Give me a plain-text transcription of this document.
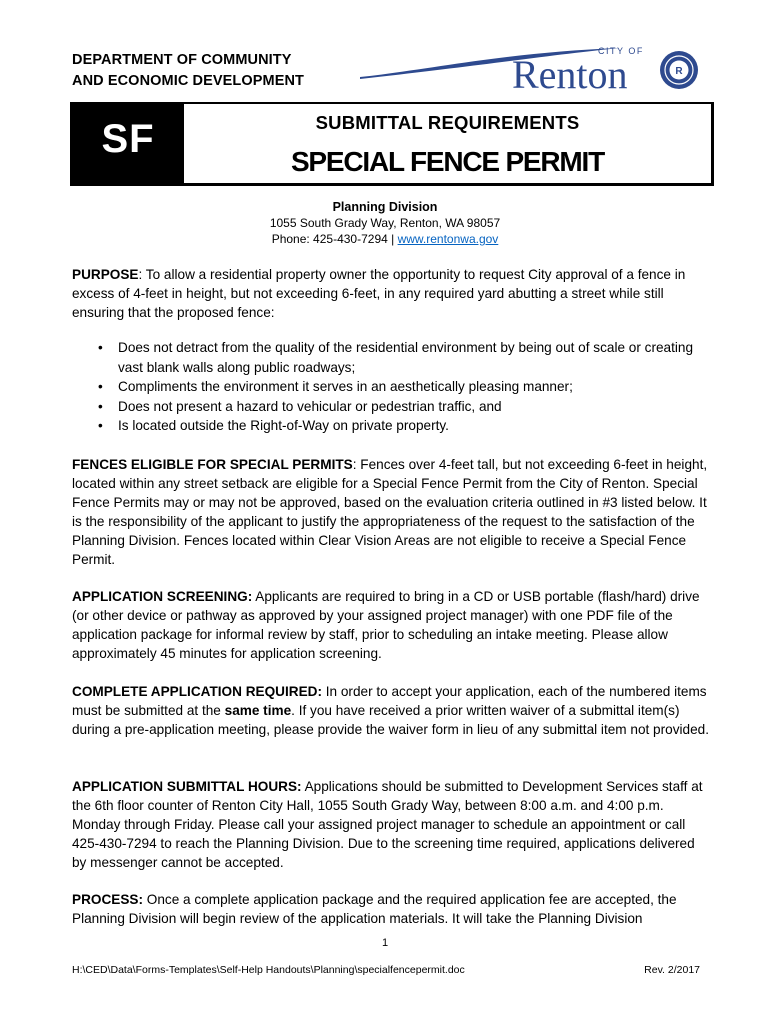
DEPARTMENT OF COMMUNITY
AND ECONOMIC DEVELOPMENT
CITY OF
Renton	R
SF	SUBMITTAL REQUIREMENTS
SPECIAL FENCE PERMIT
Planning Division
1055 South Grady Way, Renton, WA 98057
Phone: 425-430-7294 | www.rentonwa.gov

PURPOSE: To allow a residential property owner the opportunity to request City approval of a fence in excess of 4-feet in height, but not exceeding 6-feet, in any required yard abutting a street while still ensuring that the proposed fence:

• Does not detract from the quality of the residential environment by being out of scale or creating vast blank walls along public roadways;
• Compliments the environment it serves in an aesthetically pleasing manner;
• Does not present a hazard to vehicular or pedestrian traffic, and
• Is located outside the Right-of-Way on private property.

FENCES ELIGIBLE FOR SPECIAL PERMITS: Fences over 4-feet tall, but not exceeding 6-feet in height, located within any street setback are eligible for a Special Fence Permit from the City of Renton. Special Fence Permits may or may not be approved, based on the evaluation criteria outlined in #3 listed below. It is the responsibility of the applicant to justify the appropriateness of the request to the satisfaction of the Planning Division. Fences located within Clear Vision Areas are not eligible to receive a Special Fence Permit.

APPLICATION SCREENING: Applicants are required to bring in a CD or USB portable (flash/hard) drive (or other device or pathway as approved by your assigned project manager) with one PDF file of the application package for informal review by staff, prior to scheduling an intake meeting. Please allow approximately 45 minutes for application screening.

COMPLETE APPLICATION REQUIRED: In order to accept your application, each of the numbered items must be submitted at the same time. If you have received a prior written waiver of a submittal item(s) during a pre-application meeting, please provide the waiver form in lieu of any submittal item not provided.

APPLICATION SUBMITTAL HOURS: Applications should be submitted to Development Services staff at the 6th floor counter of Renton City Hall, 1055 South Grady Way, between 8:00 a.m. and 4:00 p.m. Monday through Friday. Please call your assigned project manager to schedule an appointment or call 425-430-7294 to reach the Planning Division. Due to the screening time required, applications delivered by messenger cannot be accepted.

PROCESS: Once a complete application package and the required application fee are accepted, the Planning Division will begin review of the application materials. It will take the Planning Division

1
H:\CED\Data\Forms-Templates\Self-Help Handouts\Planning\specialfencepermit.doc	Rev. 2/2017
